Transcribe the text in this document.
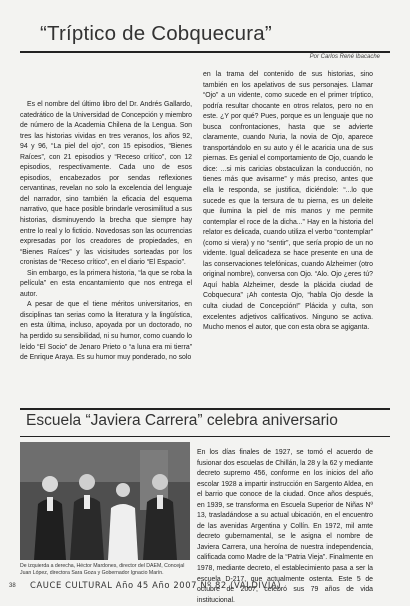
“Tríptico de Cobquecura”
Por Carlos René Ibacache

Es el nombre del último libro del Dr. Andrés Gallardo, catedrático de la Universidad de Concepción y miembro de número de la Academia Chilena de la Lengua. Son tres las historias vividas en tres veranos, los años 92, 94 y 96, “La piel del ojo”, con 15 episodios, “Bienes Raíces”, con 21 episodios y “Receso crítico”, con 12 episodios, respectivamente. Cada uno de esos episodios, encabezados por sendas reflexiones cervantinas, revelan no solo la excelencia del lenguaje del narrador, sino también la eficacia del esquema narrativo, que hace posible brindarle verosimilitud a sus historias, disminuyendo la brecha que siempre hay entre lo real y lo ficticio. Novedosas son las ocurrencias expresadas por los creadores de propiedades, en “Bienes Raíces” y las vicisitudes sorteadas por los cronistas de “Receso crítico”, en el diario “El Espacio”.

Sin embargo, es la primera historia, “la que se roba la película” en esta encantamiento que nos entrega el autor.

A pesar de que el tiene méritos universitarios, en disciplinas tan serias como la literatura y la lingüística, en esta última, incluso, apoyada por un doctorado, no ha perdido su sensibilidad, ni su humor, como cuando lo leído “El Socio” de Jenaro Prieto o “a luna era mi tierra” de Enrique Araya. Es su humor muy ponderado, no solo

en la trama del contenido de sus historias, sino también en los apelativos de sus personajes. Llamar “Ojo” a un vidente, como sucede en el primer tríptico, podría resultar chocante en otros relatos, pero no en este. ¿Y por qué? Pues, porque es un lenguaje que no busca confrontaciones, hasta que se advierte claramente, cuando Nuria, la novia de Ojo, aparece transportándolo en su auto y él le acaricia una de sus piernas. Es genial el comportamiento de Ojo, cuando le dice: ...si mis caricias obstaculizan la conducción, no tienes más que avisarme” y más preciso, antes que ella le responda, se justifica, diciéndole: “...lo que sucede es que la tersura de tu pierna, es un deleite que ilumina la piel de mis manos y me permite contemplar el roce de la dicha...” Hay en la historia del relator es delicada, cuando utiliza el verbo “contemplar” (como si viera) y no “sentir”, que sería propio de un no vidente. Igual delicadeza se hace presente en una de las conservaciones telefónicas, cuando Alzheimer (otro original nombre), conversa con Ojo. “Alo. Ojo ¿eres tú? Aquí habla Alzheimer, desde la plácida ciudad de Cobquecura” ¡Ah contesta Ojo, “habla Ojo desde la culta ciudad de Concepción!” Plácida y culta, son excelentes adjetivos calificativos. Ninguno se activa. Mucho menos el autor, que con esta obra se agiganta.

Escuela “Javiera Carrera” celebra aniversario
De izquierda a derecha, Héctor Mardones, director del DAEM, Concejal Juan López, directora Sara Goza y Gobernador Ignacio Marín.

En los días finales de 1927, se tomó el acuerdo de fusionar dos escuelas de Chillán, la 28 y la 62 y mediante decreto supremo 456, conforme en los inicios del año escolar 1928 a impartir instrucción en Sargento Aldea, en el barrio que conoce de la ciudad. Once años después, en 1939, se transforma en Escuela Superior de Niñas Nº 13, trasladándose a su actual ubicación, en el encuentro de las avenidas Argentina y Collín. En 1972, mil amte decreto gubernamental, se le asigna el nombre de Javiera Carrera, una heroína de nuestra independencia, calificada como Madre de la “Patria Vieja”. Finalmente en 1978, mediante decreto, el establecimiento pasa a ser la escuela D-217, que actualmente ostenta. Este 5 de octubre de 2007, celebró sus 79 años de vida institucional.

38 CAUCE CULTURAL Año 45 Año 2007 Nº 82 (VALDIVIA)
